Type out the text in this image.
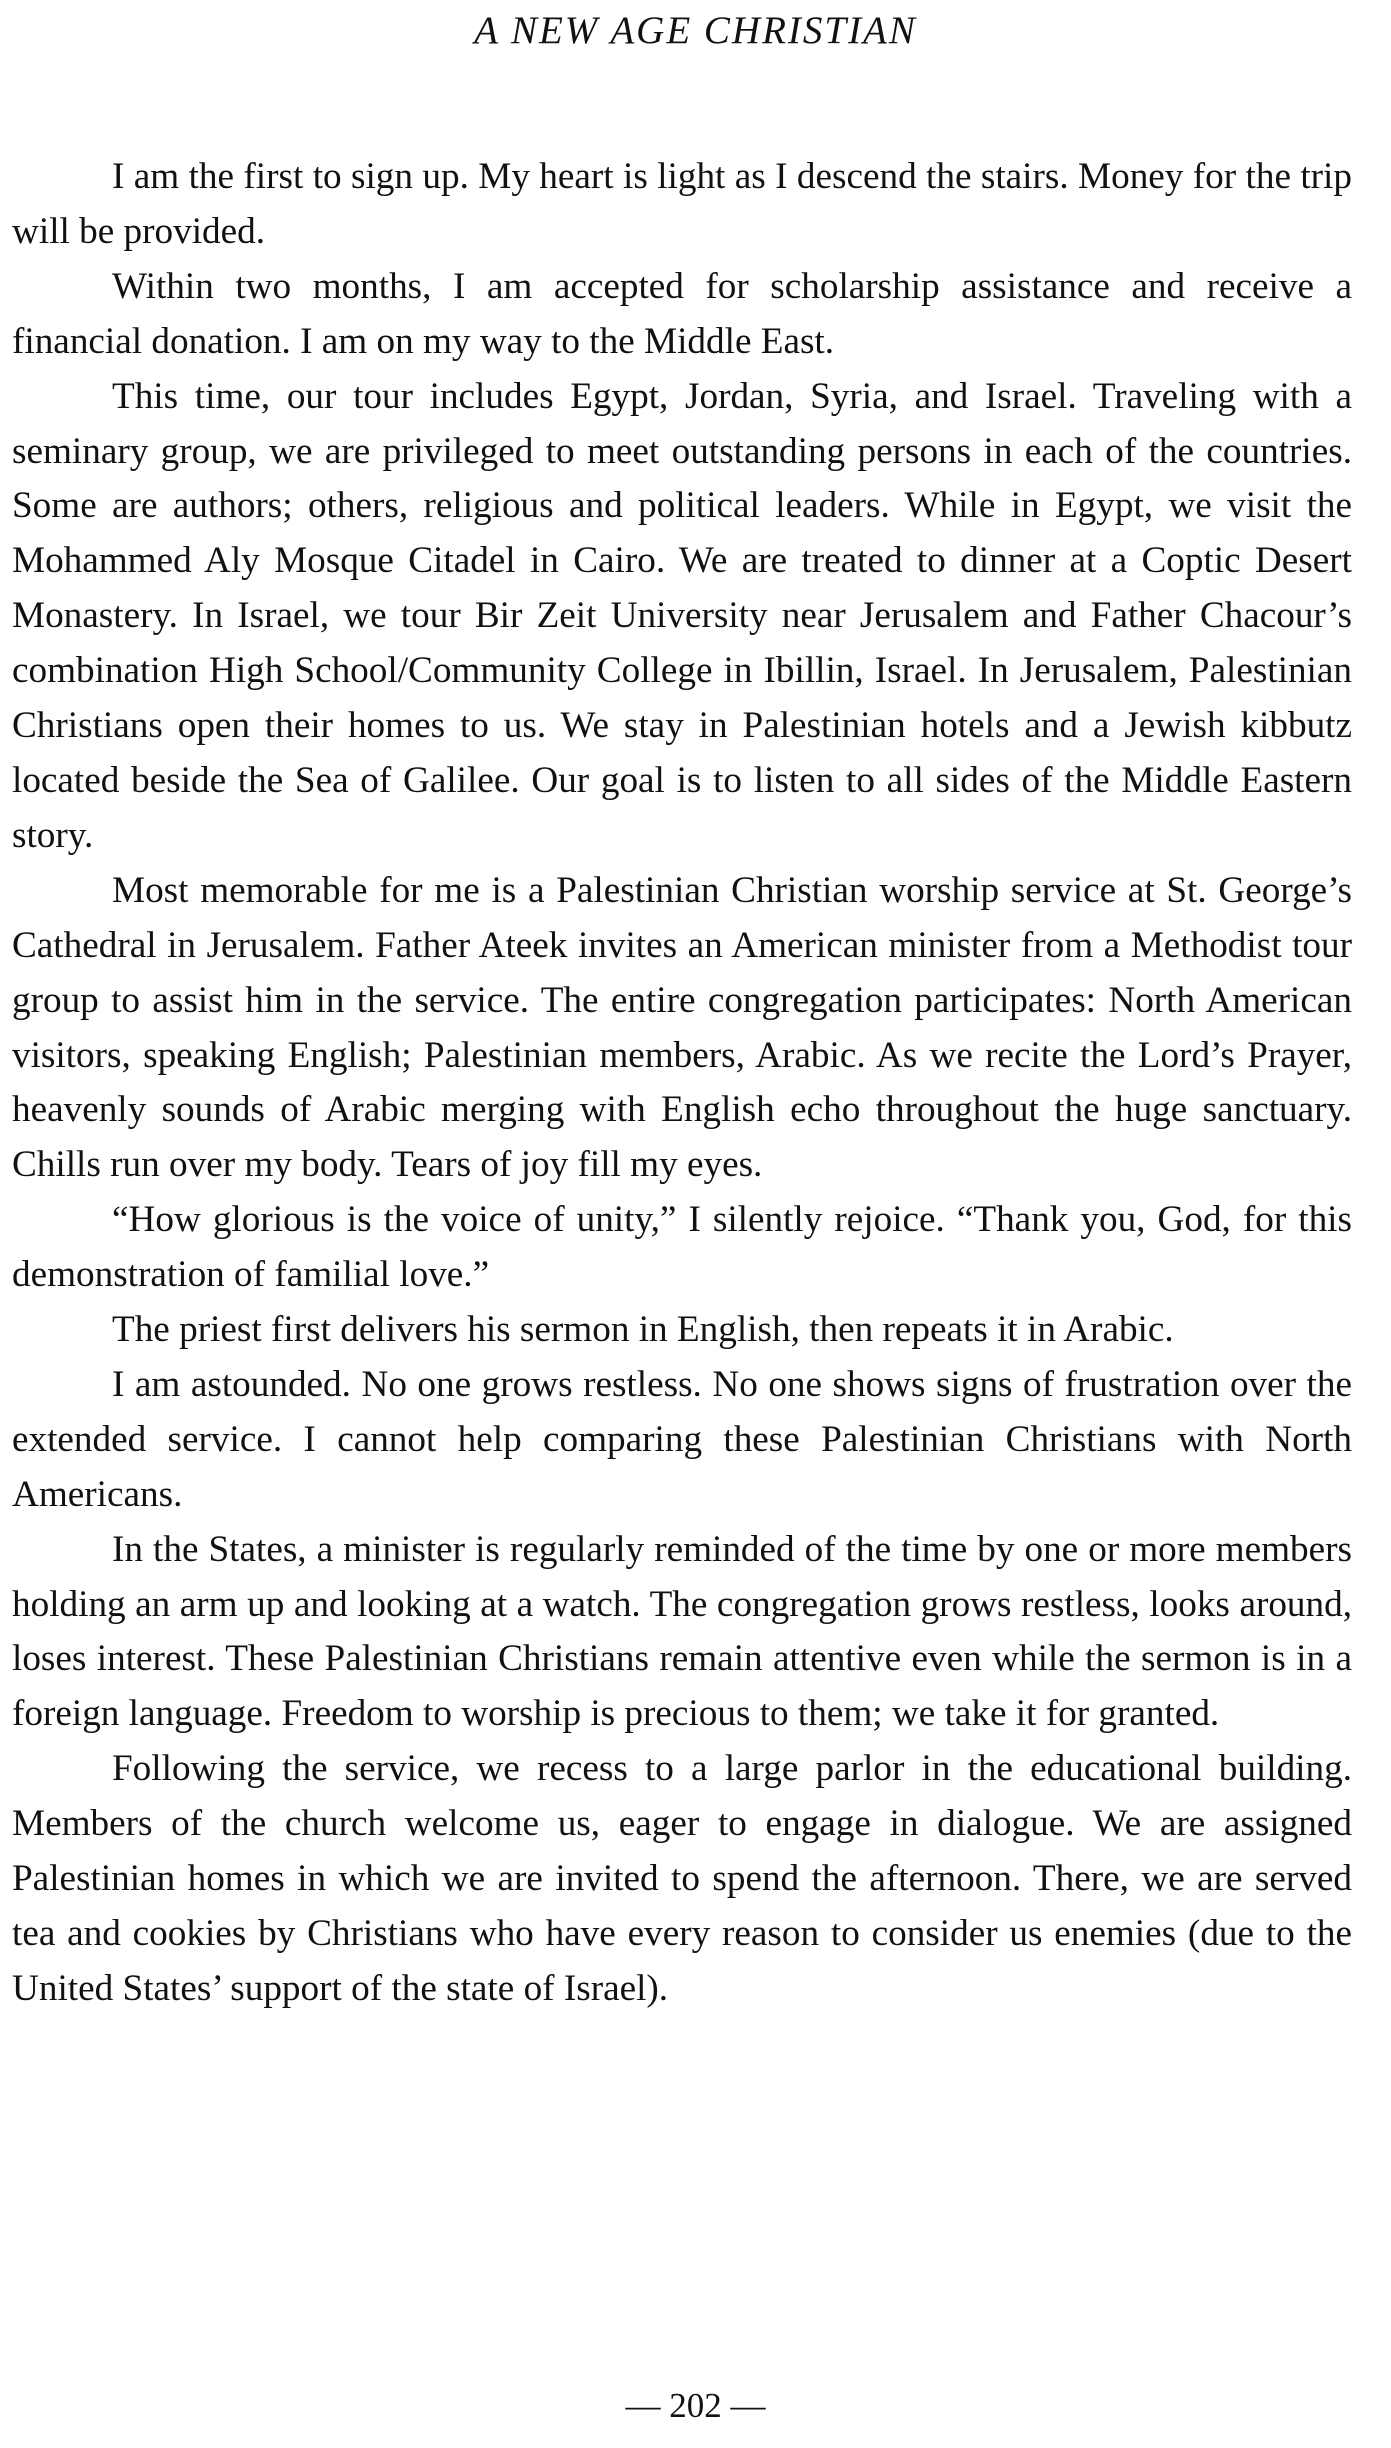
A NEW AGE CHRISTIAN

I am the first to sign up. My heart is light as I descend the stairs. Money for the trip will be provided.

Within two months, I am accepted for scholarship assistance and receive a financial donation. I am on my way to the Middle East.

This time, our tour includes Egypt, Jordan, Syria, and Israel. Traveling with a seminary group, we are privileged to meet outstanding persons in each of the countries. Some are authors; others, religious and political leaders. While in Egypt, we visit the Mohammed Aly Mosque Citadel in Cairo. We are treated to dinner at a Coptic Desert Monastery. In Israel, we tour Bir Zeit University near Jerusalem and Father Chacour’s combination High School/Community College in Ibillin, Israel. In Jerusalem, Palestinian Christians open their homes to us. We stay in Palestinian hotels and a Jewish kibbutz located beside the Sea of Galilee. Our goal is to listen to all sides of the Middle Eastern story.

Most memorable for me is a Palestinian Christian worship service at St. George’s Cathedral in Jerusalem. Father Ateek invites an American minister from a Methodist tour group to assist him in the service. The entire congregation participates: North American visitors, speaking English; Palestinian members, Arabic. As we recite the Lord’s Prayer, heavenly sounds of Arabic merging with English echo throughout the huge sanctuary. Chills run over my body. Tears of joy fill my eyes.

“How glorious is the voice of unity,” I silently rejoice. “Thank you, God, for this demonstration of familial love.”

The priest first delivers his sermon in English, then repeats it in Arabic.

I am astounded. No one grows restless. No one shows signs of frustration over the extended service. I cannot help comparing these Palestinian Christians with North Americans.

In the States, a minister is regularly reminded of the time by one or more members holding an arm up and looking at a watch. The congregation grows restless, looks around, loses interest. These Palestinian Christians remain attentive even while the sermon is in a foreign language. Freedom to worship is precious to them; we take it for granted.

Following the service, we recess to a large parlor in the educational building. Members of the church welcome us, eager to engage in dialogue. We are assigned Palestinian homes in which we are invited to spend the afternoon. There, we are served tea and cookies by Christians who have every reason to consider us enemies (due to the United States’ support of the state of Israel).

— 202 —
